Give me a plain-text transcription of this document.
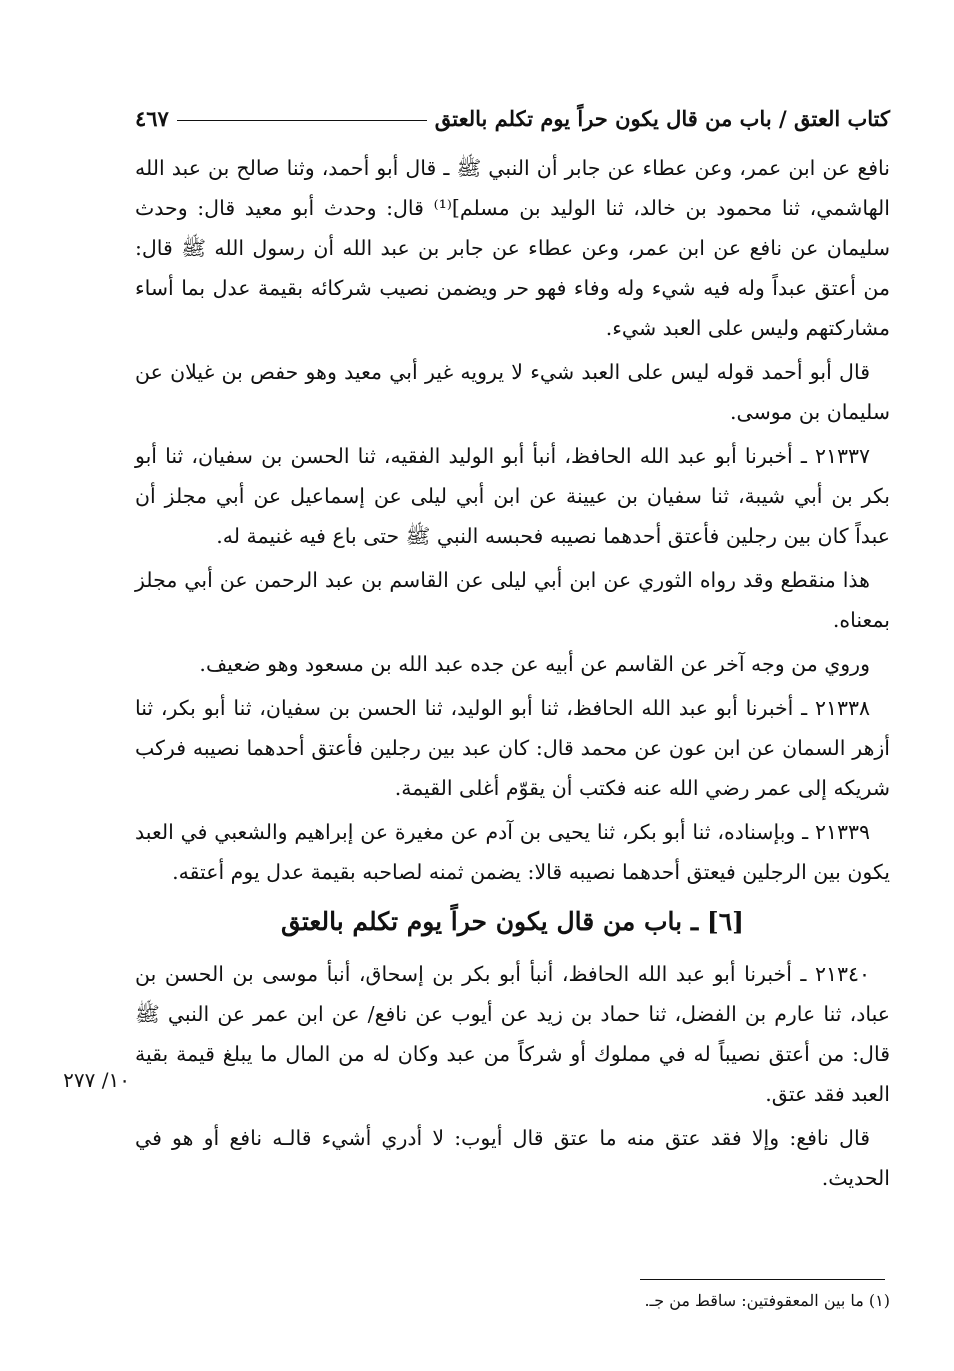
كتاب العتق / باب من قال يكون حراً يوم تكلم بالعتق
٤٦٧

نافع عن ابن عمر، وعن عطاء عن جابر أن النبي ﷺ ـ قال أبو أحمد، وثنا صالح بن عبد الله الهاشمي، ثنا محمود بن خالد، ثنا الوليد بن مسلم]⁽¹⁾ قال: وحدث أبو معيد قال: وحدث سليمان عن نافع عن ابن عمر، وعن عطاء عن جابر بن عبد الله أن رسول الله ﷺ قال: من أعتق عبداً وله فيه شيء وله وفاء فهو حر ويضمن نصيب شركائه بقيمة عدل بما أساء مشاركتهم وليس على العبد شيء.

قال أبو أحمد قوله ليس على العبد شيء لا يرويه غير أبي معيد وهو حفص بن غيلان عن سليمان بن موسى.

٢١٣٣٧ ـ أخبرنا أبو عبد الله الحافظ، أنبأ أبو الوليد الفقيه، ثنا الحسن بن سفيان، ثنا أبو بكر بن أبي شيبة، ثنا سفيان بن عيينة عن ابن أبي ليلى عن إسماعيل عن أبي مجلز أن عبداً كان بين رجلين فأعتق أحدهما نصيبه فحبسه النبي ﷺ حتى باع فيه غنيمة له.

هذا منقطع وقد رواه الثوري عن ابن أبي ليلى عن القاسم بن عبد الرحمن عن أبي مجلز بمعناه.

وروي من وجه آخر عن القاسم عن أبيه عن جده عبد الله بن مسعود وهو ضعيف.

٢١٣٣٨ ـ أخبرنا أبو عبد الله الحافظ، ثنا أبو الوليد، ثنا الحسن بن سفيان، ثنا أبو بكر، ثنا أزهر السمان عن ابن عون عن محمد قال: كان عبد بين رجلين فأعتق أحدهما نصيبه فركب شريكه إلى عمر رضي الله عنه فكتب أن يقوّم أغلى القيمة.

٢١٣٣٩ ـ وبإسناده، ثنا أبو بكر، ثنا يحيى بن آدم عن مغيرة عن إبراهيم والشعبي في العبد يكون بين الرجلين فيعتق أحدهما نصيبه قالا: يضمن ثمنه لصاحبه بقيمة عدل يوم أعتقه.

[٦] ـ باب من قال يكون حراً يوم تكلم بالعتق

٢١٣٤٠ ـ أخبرنا أبو عبد الله الحافظ، أنبأ أبو بكر بن إسحاق، أنبأ موسى بن الحسن بن عباد، ثنا عارم بن الفضل، ثنا حماد بن زيد عن أيوب عن نافع/ عن ابن عمر عن النبي ﷺ قال: من أعتق نصيباً له في مملوك أو شركاً من عبد وكان له من المال ما يبلغ قيمة بقية العبد فقد عتق.

قال نافع: وإلا فقد عتق منه ما عتق قال أيوب: لا أدري أشيء قالـه نافع أو هو في الحديث.

١٠/ ٢٧٧
(١) ما بين المعقوفتين: ساقط من جـ.
